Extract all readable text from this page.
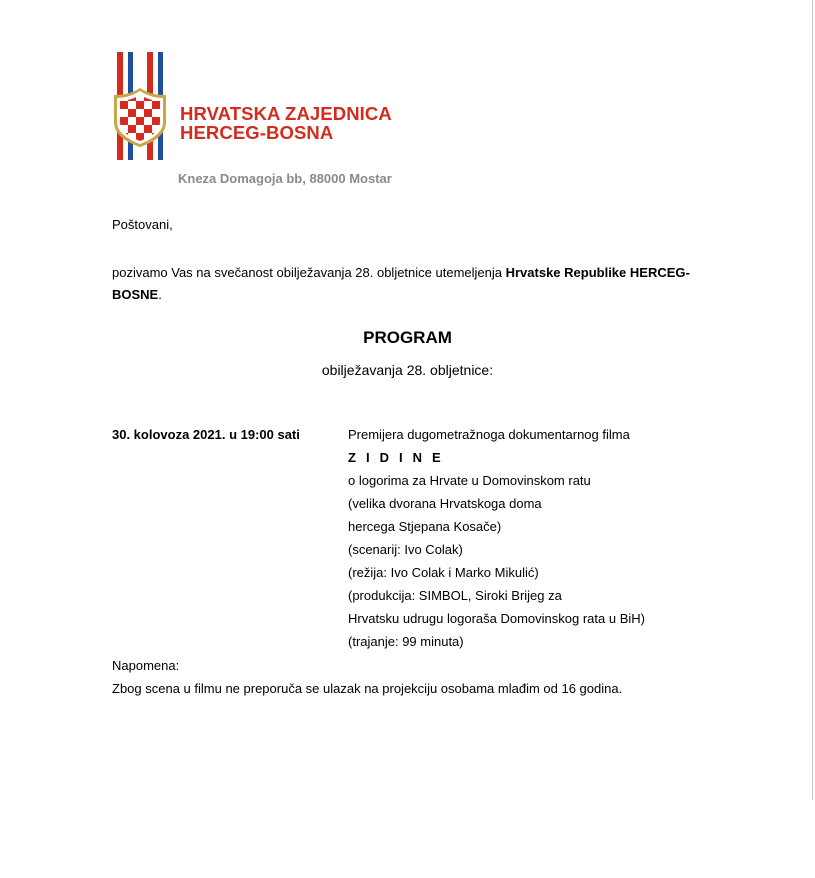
HRVATSKA ZAJEDNICA
HERCEG-BOSNA
Kneza Domagoja bb, 88000 Mostar
Poštovani,
pozivamo Vas na svečanost obilježavanja 28. obljetnice utemeljenja Hrvatske Republike HERCEG-
BOSNE.
PROGRAM
obilježavanja 28. obljetnice:
30. kolovoza 2021. u 19:00 sati	Premijera dugometražnoga dokumentarnog filma
Z I D I N E
o logorima za Hrvate u Domovinskom ratu
(velika dvorana Hrvatskoga doma
hercega Stjepana Kosače)
(scenarij: Ivo Colak)
(režija: Ivo Colak i Marko Mikulić)
(produkcija: SIMBOL, Siroki Brijeg za
Hrvatsku udrugu logoraša Domovinskog rata u BiH)
(trajanje: 99 minuta)
Napomena:
Zbog scena u filmu ne preporuča se ulazak na projekciju osobama mlađim od 16 godina.
